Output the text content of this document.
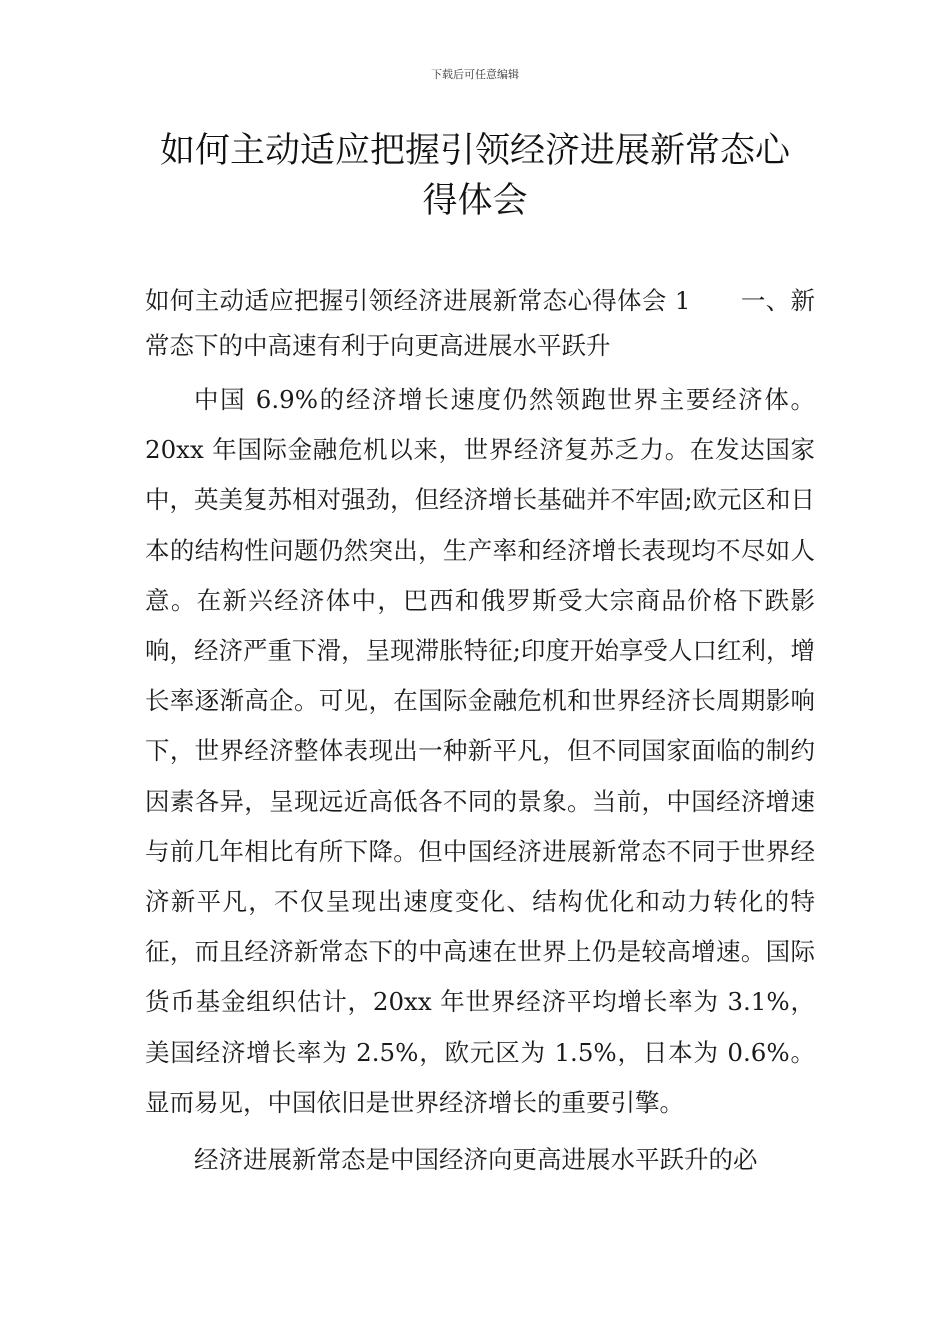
下载后可任意编辑
如何主动适应把握引领经济进展新常态心得体会

如何主动适应把握引领经济进展新常态心得体会 1 一、新常态下的中高速有利于向更高进展水平跃升

中国 6.9%的经济增长速度仍然领跑世界主要经济体。20xx 年国际金融危机以来，世界经济复苏乏力。在发达国家中，英美复苏相对强劲，但经济增长基础并不牢固;欧元区和日本的结构性问题仍然突出，生产率和经济增长表现均不尽如人意。在新兴经济体中，巴西和俄罗斯受大宗商品价格下跌影响，经济严重下滑，呈现滞胀特征;印度开始享受人口红利，增长率逐渐高企。可见，在国际金融危机和世界经济长周期影响下，世界经济整体表现出一种新平凡，但不同国家面临的制约因素各异，呈现远近高低各不同的景象。当前，中国经济增速与前几年相比有所下降。但中国经济进展新常态不同于世界经济新平凡，不仅呈现出速度变化、结构优化和动力转化的特征，而且经济新常态下的中高速在世界上仍是较高增速。国际货币基金组织估计，20xx 年世界经济平均增长率为 3.1%，美国经济增长率为 2.5%，欧元区为 1.5%，日本为 0.6%。显而易见，中国依旧是世界经济增长的重要引擎。

经济进展新常态是中国经济向更高进展水平跃升的必
